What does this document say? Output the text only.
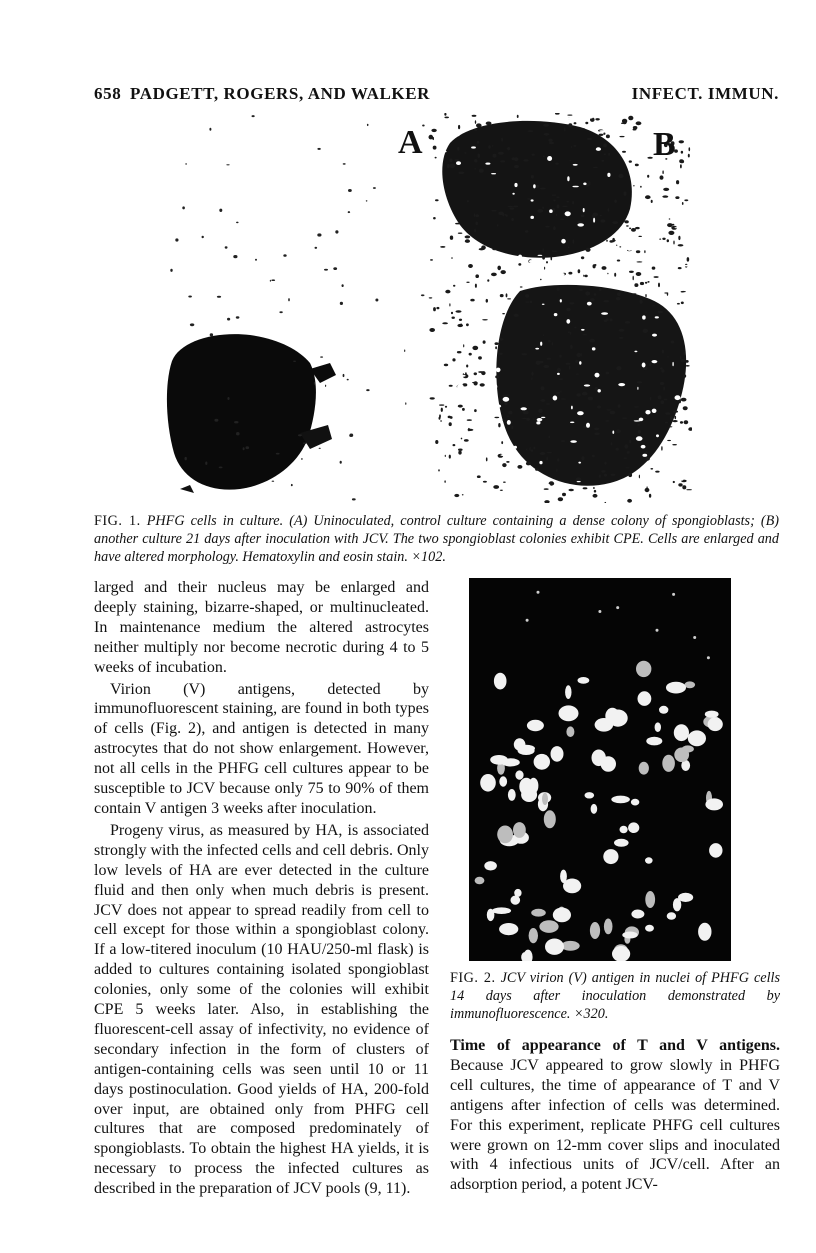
658 PADGETT, ROGERS, AND WALKER	INFECT. IMMUN.
A	B
FIG. 1. PHFG cells in culture. (A) Uninoculated, control culture containing a dense colony of spongioblasts; (B) another culture 21 days after inoculation with JCV. The two spongioblast colonies exhibit CPE. Cells are enlarged and have altered morphology. Hematoxylin and eosin stain. ×102.

larged and their nucleus may be enlarged and deeply staining, bizarre-shaped, or multinucleated. In maintenance medium the altered astrocytes neither multiply nor become necrotic during 4 to 5 weeks of incubation.

Virion (V) antigens, detected by immunofluorescent staining, are found in both types of cells (Fig. 2), and antigen is detected in many astrocytes that do not show enlargement. However, not all cells in the PHFG cell cultures appear to be susceptible to JCV because only 75 to 90% of them contain V antigen 3 weeks after inoculation.

Progeny virus, as measured by HA, is associated strongly with the infected cells and cell debris. Only low levels of HA are ever detected in the culture fluid and then only when much debris is present. JCV does not appear to spread readily from cell to cell except for those within a spongioblast colony. If a low-titered inoculum (10 HAU/250-ml flask) is added to cultures containing isolated spongioblast colonies, only some of the colonies will exhibit CPE 5 weeks later. Also, in establishing the fluorescent-cell assay of infectivity, no evidence of secondary infection in the form of clusters of antigen-containing cells was seen until 10 or 11 days postinoculation. Good yields of HA, 200-fold over input, are obtained only from PHFG cell cultures that are composed predominately of spongioblasts. To obtain the highest HA yields, it is necessary to process the infected cultures as described in the preparation of JCV pools (9, 11).

FIG. 2. JCV virion (V) antigen in nuclei of PHFG cells 14 days after inoculation demonstrated by immunofluorescence. ×320.

Time of appearance of T and V antigens. Because JCV appeared to grow slowly in PHFG cell cultures, the time of appearance of T and V antigens after infection of cells was determined. For this experiment, replicate PHFG cell cultures were grown on 12-mm cover slips and inoculated with 4 infectious units of JCV/cell. After an adsorption period, a potent JCV-
